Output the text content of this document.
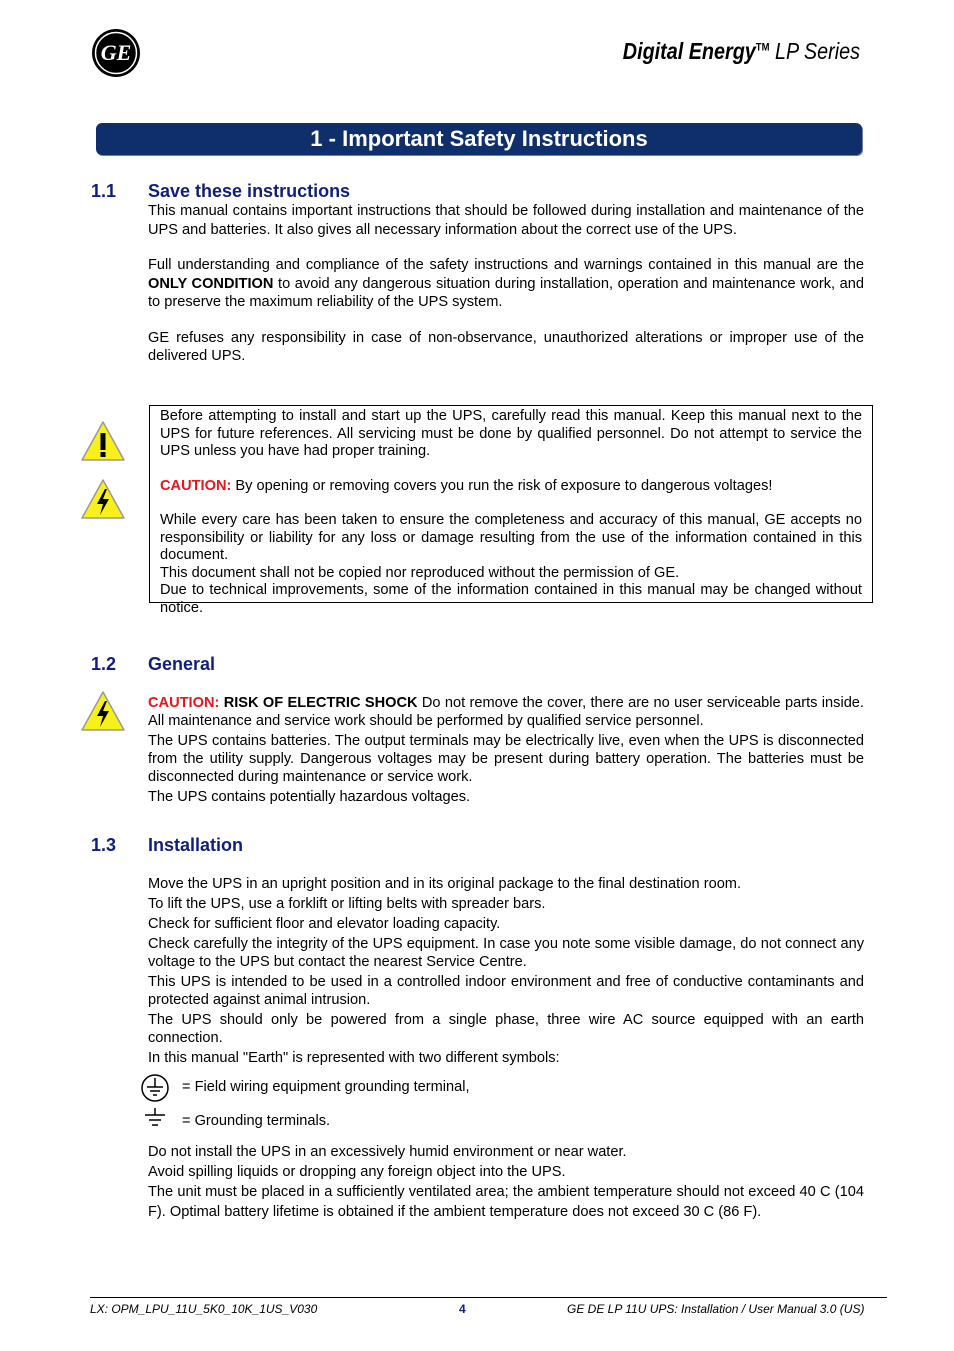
GE	Digital Energy™ LP Series
1 - Important Safety Instructions
1.1 Save these instructions

This manual contains important instructions that should be followed during installation and maintenance of the UPS and batteries. It also gives all necessary information about the correct use of the UPS.

Full understanding and compliance of the safety instructions and warnings contained in this manual are the ONLY CONDITION to avoid any dangerous situation during installation, operation and maintenance work, and to preserve the maximum reliability of the UPS system.

GE refuses any responsibility in case of non-observance, unauthorized alterations or improper use of the delivered UPS.

Before attempting to install and start up the UPS, carefully read this manual. Keep this manual next to the UPS for future references. All servicing must be done by qualified personnel. Do not attempt to service the UPS unless you have had proper training.

CAUTION: By opening or removing covers you run the risk of exposure to dangerous voltages!

While every care has been taken to ensure the completeness and accuracy of this manual, GE accepts no responsibility or liability for any loss or damage resulting from the use of the information contained in this document.

This document shall not be copied nor reproduced without the permission of GE.

Due to technical improvements, some of the information contained in this manual may be changed without notice.

1.2 General

CAUTION: RISK OF ELECTRIC SHOCK Do not remove the cover, there are no user serviceable parts inside. All maintenance and service work should be performed by qualified service personnel.

The UPS contains batteries. The output terminals may be electrically live, even when the UPS is disconnected from the utility supply. Dangerous voltages may be present during battery operation. The batteries must be disconnected during maintenance or service work.

The UPS contains potentially hazardous voltages.

1.3 Installation

Move the UPS in an upright position and in its original package to the final destination room.

To lift the UPS, use a forklift or lifting belts with spreader bars.

Check for sufficient floor and elevator loading capacity.

Check carefully the integrity of the UPS equipment. In case you note some visible damage, do not connect any voltage to the UPS but contact the nearest Service Centre.

This UPS is intended to be used in a controlled indoor environment and free of conductive contaminants and protected against animal intrusion.

The UPS should only be powered from a single phase, three wire AC source equipped with an earth connection.

In this manual "Earth" is represented with two different symbols:

= Field wiring equipment grounding terminal,
= Grounding terminals.

Do not install the UPS in an excessively humid environment or near water.

Avoid spilling liquids or dropping any foreign object into the UPS.

The unit must be placed in a sufficiently ventilated area; the ambient temperature should not exceed 40 C (104 F). Optimal battery lifetime is obtained if the ambient temperature does not exceed 30 C (86 F).

LX: OPM_LPU_11U_5K0_10K_1US_V030	4	GE DE LP 11U UPS: Installation / User Manual 3.0 (US)
